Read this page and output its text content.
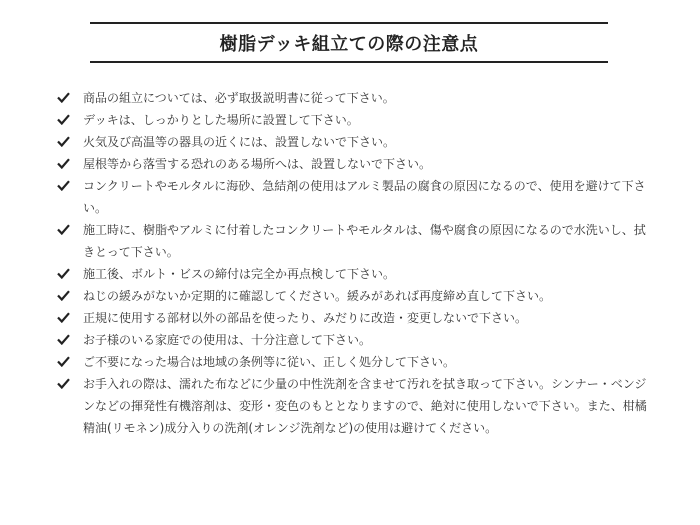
樹脂デッキ組立ての際の注意点
商品の組立については、必ず取扱説明書に従って下さい。
デッキは、しっかりとした場所に設置して下さい。
火気及び高温等の器具の近くには、設置しないで下さい。
屋根等から落雪する恐れのある場所へは、設置しないで下さい。
コンクリートやモルタルに海砂、急結剤の使用はアルミ製品の腐食の原因になるので、使用を避けて下さい。
施工時に、樹脂やアルミに付着したコンクリートやモルタルは、傷や腐食の原因になるので水洗いし、拭きとって下さい。
施工後、ボルト・ビスの締付は完全か再点検して下さい。
ねじの緩みがないか定期的に確認してください。緩みがあれば再度締め直して下さい。
正規に使用する部材以外の部品を使ったり、みだりに改造・変更しないで下さい。
お子様のいる家庭での使用は、十分注意して下さい。
ご不要になった場合は地域の条例等に従い、正しく処分して下さい。
お手入れの際は、濡れた布などに少量の中性洗剤を含ませて汚れを拭き取って下さい。シンナー・ベンジンなどの揮発性有機溶剤は、変形・変色のもととなりますので、絶対に使用しないで下さい。また、柑橘精油(リモネン)成分入りの洗剤(オレンジ洗剤など)の使用は避けてください。
